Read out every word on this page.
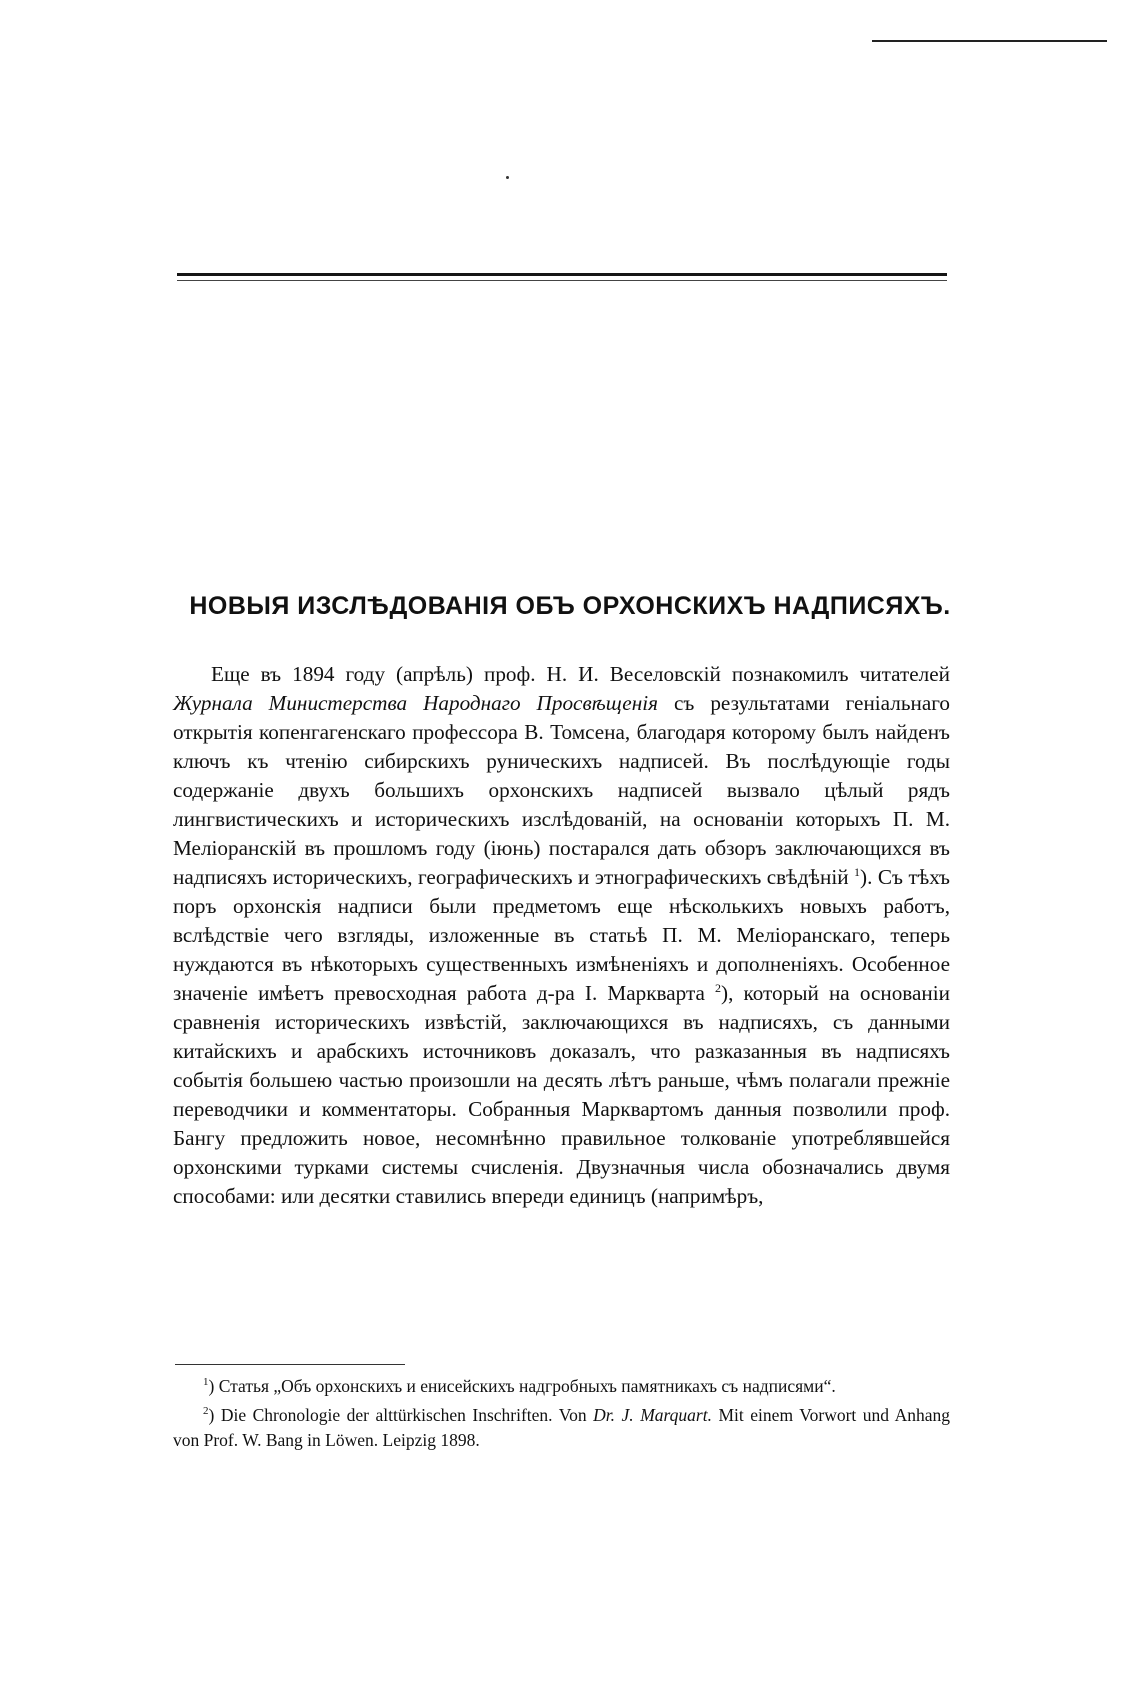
НОВЫЯ ИЗСЛѢДОВАНІЯ ОБЪ ОРХОНСКИХЪ НАДПИСЯХЪ.

Еще въ 1894 году (апрѣль) проф. Н. И. Веселовскій познакомилъ читателей Журнала Министерства Народнаго Просвѣщенія съ результатами геніальнаго открытія копенгагенскаго профессора В. Томсена, благодаря которому былъ найденъ ключъ къ чтенію сибирскихъ руническихъ надписей. Въ послѣдующіе годы содержаніе двухъ большихъ орхонскихъ надписей вызвало цѣлый рядъ лингвистическихъ и историческихъ изслѣдованій, на основаніи которыхъ П. М. Меліоранскій въ прошломъ году (іюнь) постарался дать обзоръ заключающихся въ надписяхъ историческихъ, географическихъ и этнографическихъ свѣдѣній $^1$). Съ тѣхъ поръ орхонскія надписи были предметомъ еще нѣсколькихъ новыхъ работъ, вслѣдствіе чего взгляды, изложенные въ статьѣ П. М. Меліоранскаго, теперь нуждаются въ нѣкоторыхъ существенныхъ измѣненіяхъ и дополненіяхъ. Особенное значеніе имѣетъ превосходная работа д-ра І. Маркварта $^2$), который на основаніи сравненія историческихъ извѣстій, заключающихся въ надписяхъ, съ данными китайскихъ и арабскихъ источниковъ доказалъ, что разказанныя въ надписяхъ событія большею частью произошли на десять лѣтъ раньше, чѣмъ полагали прежніе переводчики и комментаторы. Собранныя Марквартомъ данныя позволили проф. Бангу предложить новое, несомнѣнно правильное толкованіе употреблявшейся орхонскими турками системы счисленія. Двузначныя числа обозначались двумя способами: или десятки ставились впереди единицъ (напримѣръ,

$^1$) Статья „Объ орхонскихъ и енисейскихъ надгробныхъ памятникахъ съ надписями“.

$^2$) Die Chronologie der alttürkischen Inschriften. Von Dr. J. Marquart. Mit einem Vorwort und Anhang von Prof. W. Bang in Löwen. Leipzig 1898.
